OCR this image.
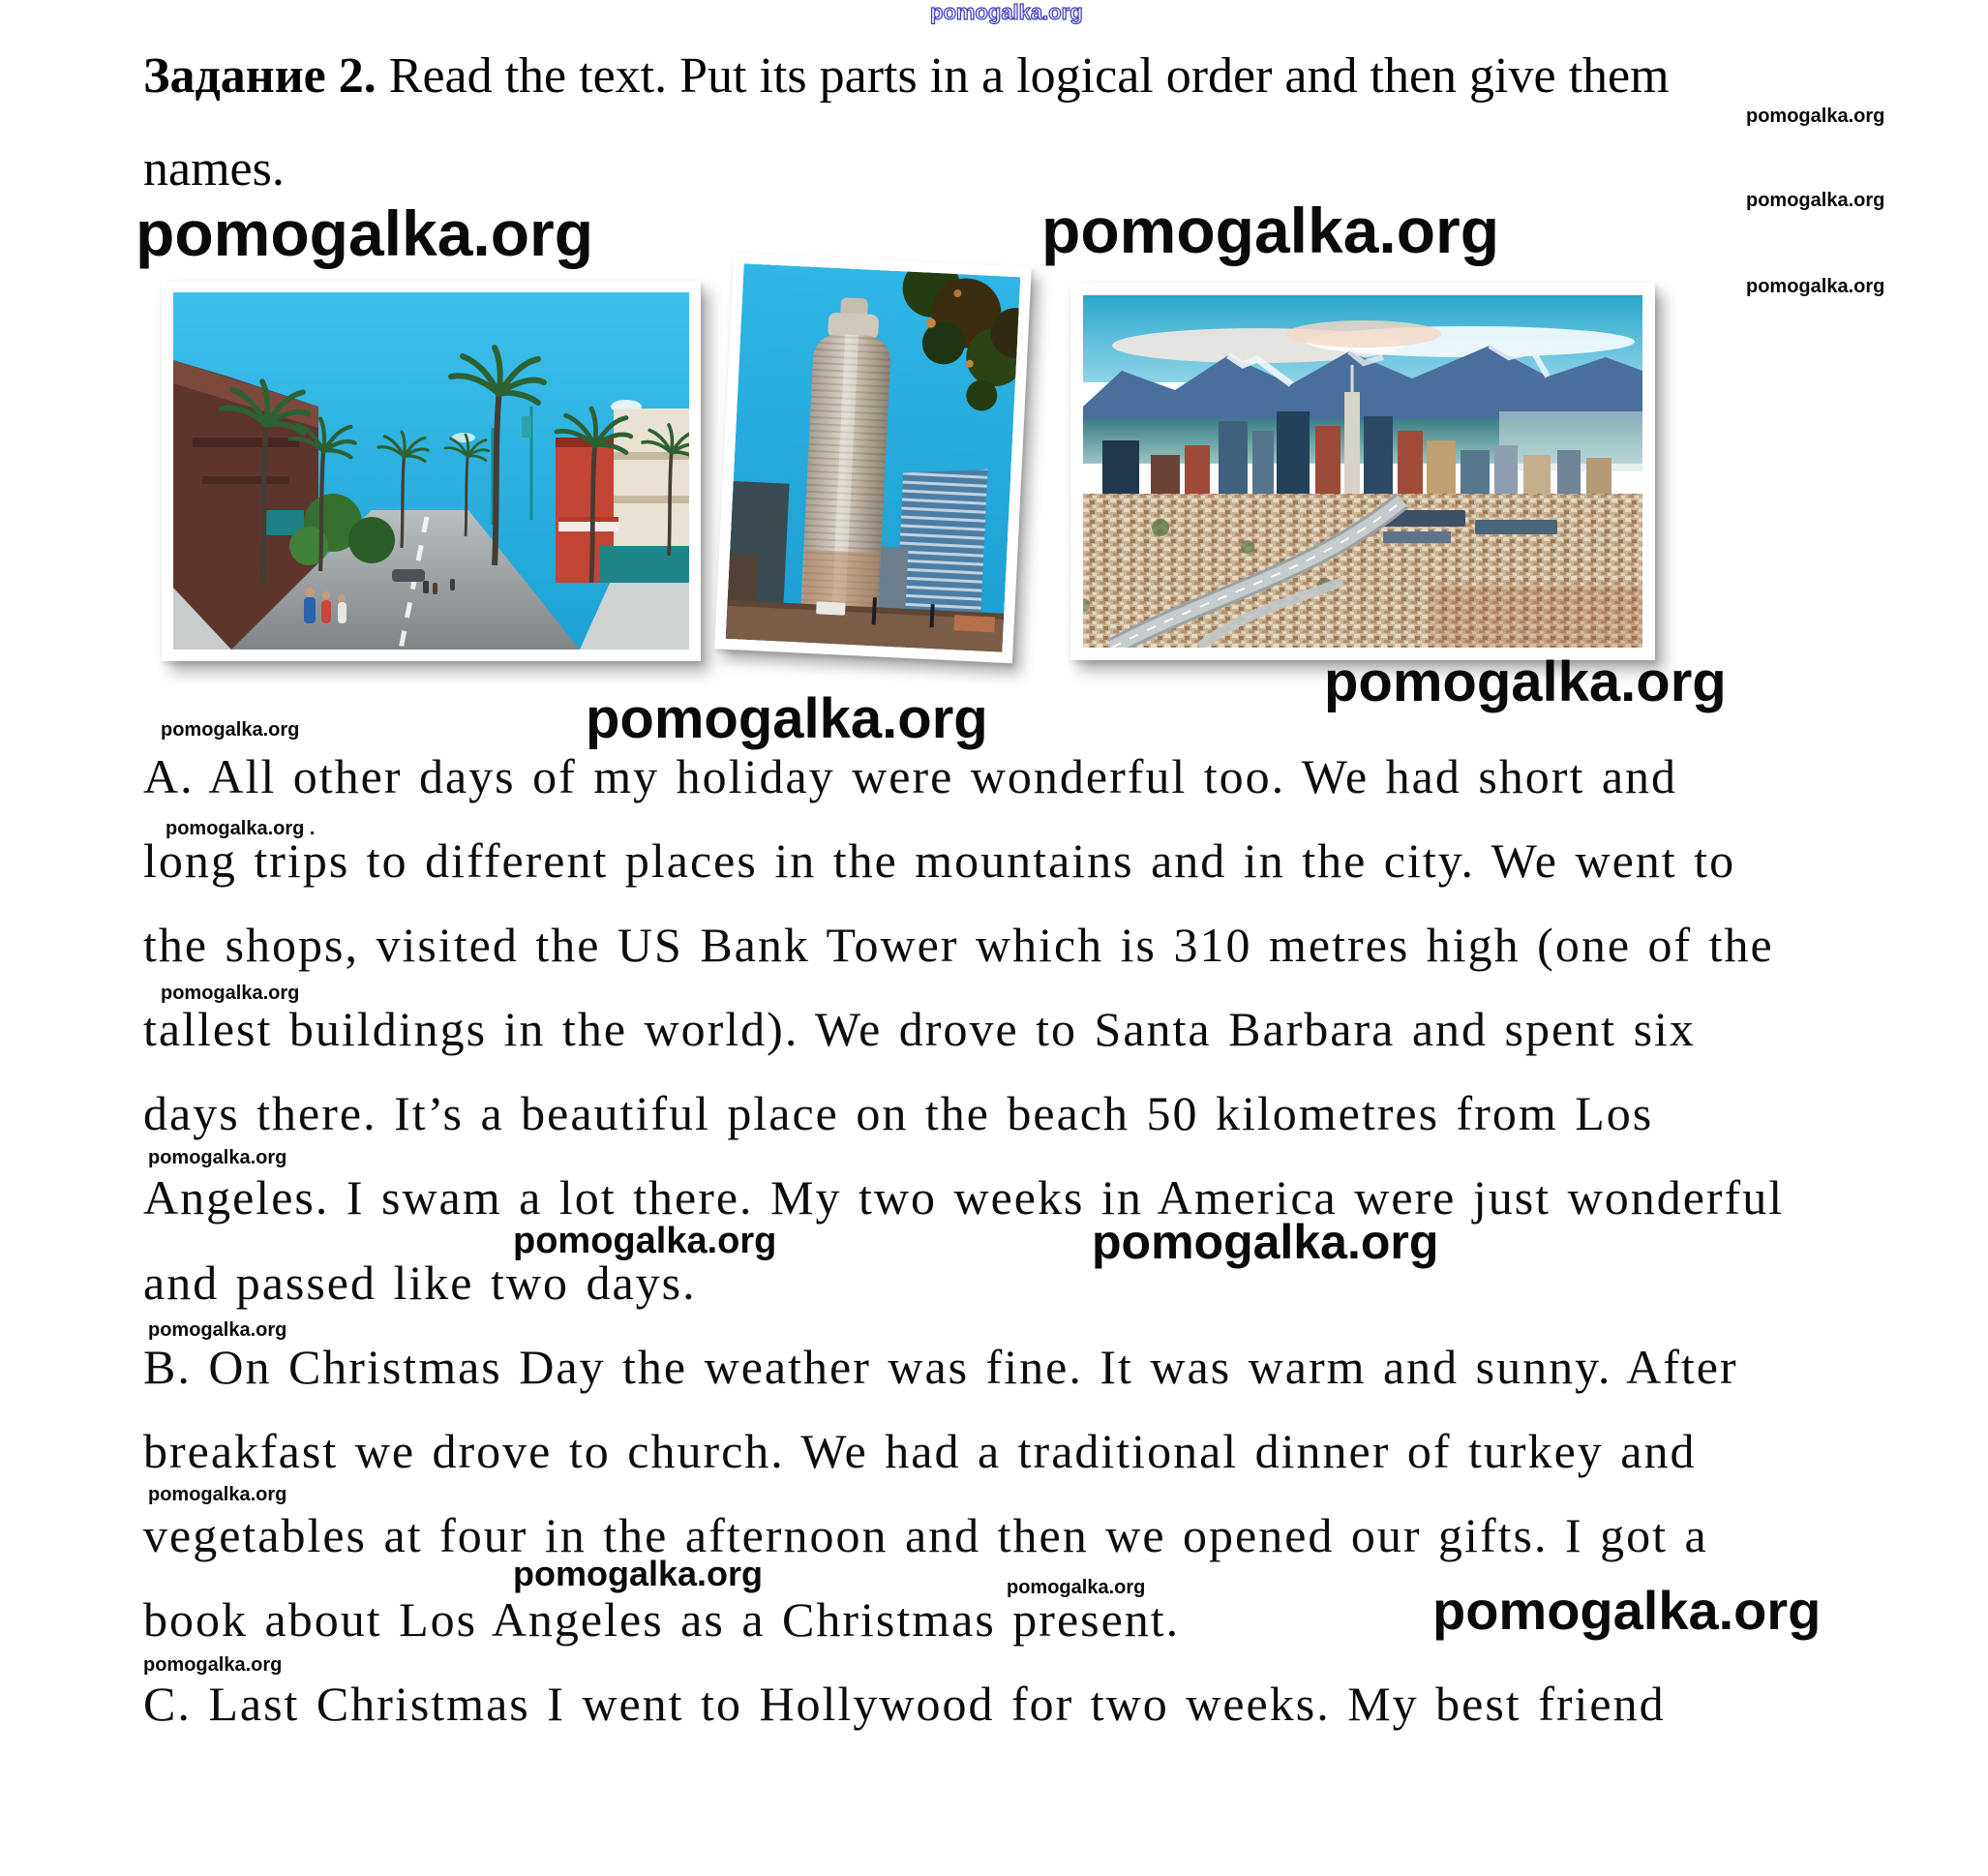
pomogalka.org
Задание 2. Read the text. Put its parts in a logical order and then give them
names.
pomogalka.org
pomogalka.org
pomogalka.org
pomogalka.org	pomogalka.org
pomogalka.org
pomogalka.org
pomogalka.org
pomogalka.org .
pomogalka.org
pomogalka.org
pomogalka.org
pomogalka.org
pomogalka.org
pomogalka.org
pomogalka.org	pomogalka.org
pomogalka.org
pomogalka.org
A. All other days of my holiday were wonderful too. We had short and
long trips to different places in the mountains and in the city. We went to
the shops, visited the US Bank Tower which is 310 metres high (one of the
tallest buildings in the world). We drove to Santa Barbara and spent six
days there. It’s a beautiful place on the beach 50 kilometres from Los
Angeles. I swam a lot there. My two weeks in America were just wonderful
and passed like two days.
B. On Christmas Day the weather was fine. It was warm and sunny. After
breakfast we drove to church. We had a traditional dinner of turkey and
vegetables at four in the afternoon and then we opened our gifts. I got a
book about Los Angeles as a Christmas present.
C. Last Christmas I went to Hollywood for two weeks. My best friend
